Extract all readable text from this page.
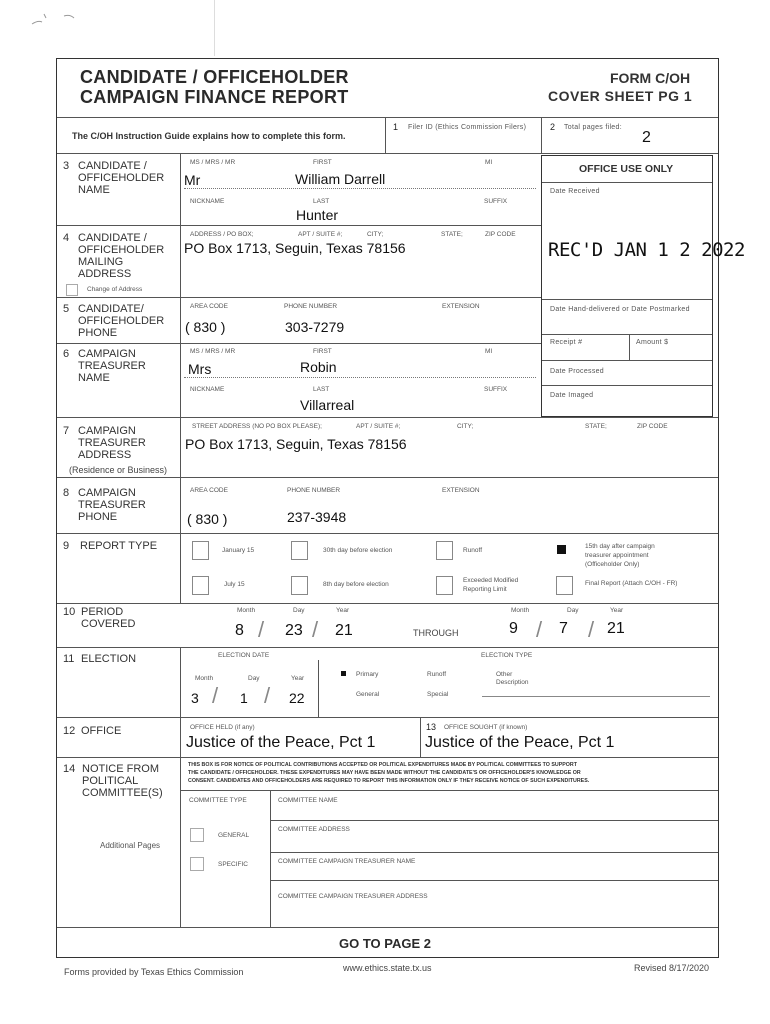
CANDIDATE / OFFICEHOLDER
CAMPAIGN FINANCE REPORT
FORM C/OH
COVER SHEET PG 1
The C/OH Instruction Guide explains how to complete this form.
1 Filer ID (Ethics Commission Filers)	2 Total pages filed:
2
OFFICE USE ONLY
Date Received
REC'D JAN 1 2 2022
Date Hand-delivered or Date Postmarked
Receipt #	Amount $
Date Processed
Date Imaged
3 CANDIDATE /
OFFICEHOLDER
NAME
MS / MRS / MR	FIRST	MI
Mr	William Darrell
NICKNAME	LAST	SUFFIX
Hunter
4 CANDIDATE /
OFFICEHOLDER
MAILING
ADDRESS
Change of Address
ADDRESS / PO BOX;	APT / SUITE #;	CITY;	STATE;	ZIP CODE
PO Box 1713, Seguin, Texas 78156
5 CANDIDATE/
OFFICEHOLDER
PHONE
AREA CODE	PHONE NUMBER	EXTENSION
( 830 )	303-7279
6 CAMPAIGN
TREASURER
NAME
MS / MRS / MR	FIRST	MI
Mrs	Robin
NICKNAME	LAST	SUFFIX
Villarreal
7 CAMPAIGN
TREASURER
ADDRESS
(Residence or Business)
STREET ADDRESS (NO PO BOX PLEASE);	APT / SUITE #;	CITY;	STATE;	ZIP CODE
PO Box 1713, Seguin, Texas 78156
8 CAMPAIGN
TREASURER
PHONE
AREA CODE	PHONE NUMBER	EXTENSION
( 830 )	237-3948
9 REPORT TYPE	January 15	30th day before election	Runoff
15th day after campaign
treasurer appointment
(Officeholder Only)
July 15	8th day before election
Exceeded Modified
Reporting Limit
Final Report (Attach C/OH - FR)
10 PERIOD
COVERED
Month	Day	Year
8 / 23 / 21	THROUGH
Month	Day	Year
9 / 7 / 21
11 ELECTION	ELECTION DATE	ELECTION TYPE
Month	Day	Year
3 / 1 / 22
Primary	Runoff	Other
Description
General	Special
12 OFFICE	OFFICE HELD (if any)
Justice of the Peace, Pct 1
13 OFFICE SOUGHT (if known)
Justice of the Peace, Pct 1
14 NOTICE FROM
POLITICAL
COMMITTEE(S)
Additional Pages
THIS BOX IS FOR NOTICE OF POLITICAL CONTRIBUTIONS ACCEPTED OR POLITICAL EXPENDITURES MADE BY POLITICAL COMMITTEES TO SUPPORT
THE CANDIDATE / OFFICEHOLDER. THESE EXPENDITURES MAY HAVE BEEN MADE WITHOUT THE CANDIDATE'S OR OFFICEHOLDER'S KNOWLEDGE OR
CONSENT. CANDIDATES AND OFFICEHOLDERS ARE REQUIRED TO REPORT THIS INFORMATION ONLY IF THEY RECEIVE NOTICE OF SUCH EXPENDITURES.
COMMITTEE TYPE	COMMITTEE NAME
COMMITTEE ADDRESS
GENERAL
COMMITTEE CAMPAIGN TREASURER NAME
SPECIFIC
COMMITTEE CAMPAIGN TREASURER ADDRESS
GO TO PAGE 2
Forms provided by Texas Ethics Commission	www.ethics.state.tx.us	Revised 8/17/2020
